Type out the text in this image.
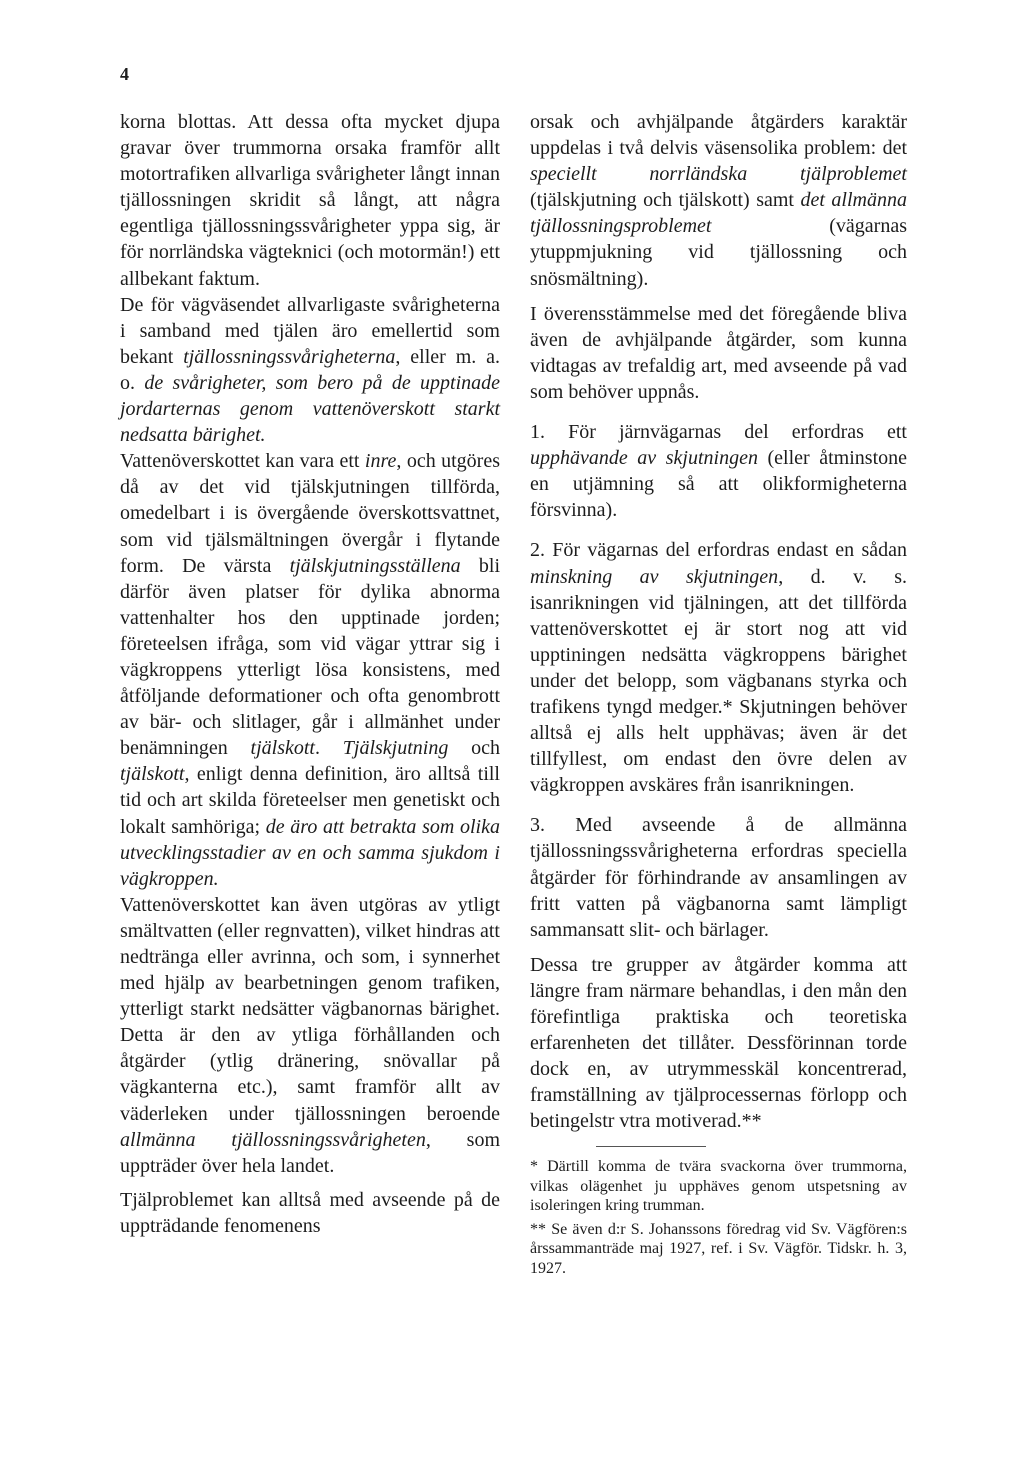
4

korna blottas. Att dessa ofta mycket djupa gravar över trummorna orsaka framför allt motortrafiken allvarliga svårigheter långt innan tjällossningen skridit så långt, att några egentliga tjällossningssvårigheter yppa sig, är för norrländska vägteknici (och motormän!) ett allbekant faktum.

De för vägväsendet allvarligaste svårigheterna i samband med tjälen äro emellertid som bekant tjällossningssvårigheterna, eller m. a. o. de svårigheter, som bero på de upptinade jordarternas genom vattenöverskott starkt nedsatta bärighet.

Vattenöverskottet kan vara ett inre, och utgöres då av det vid tjälskjutningen tillförda, omedelbart i is övergående överskottsvattnet, som vid tjälsmältningen övergår i flytande form. De värsta tjälskjutningsställena bli därför även platser för dylika abnorma vattenhalter hos den upptinade jorden; företeelsen ifråga, som vid vägar yttrar sig i vägkroppens ytterligt lösa konsistens, med åtföljande deformationer och ofta genombrott av bär- och slitlager, går i allmänhet under benämningen tjälskott. Tjälskjutning och tjälskott, enligt denna definition, äro alltså till tid och art skilda företeelser men genetiskt och lokalt samhöriga; de äro att betrakta som olika utvecklingsstadier av en och samma sjukdom i vägkroppen.

Vattenöverskottet kan även utgöras av ytligt smältvatten (eller regnvatten), vilket hindras att nedtränga eller avrinna, och som, i synnerhet med hjälp av bearbetningen genom trafiken, ytterligt starkt nedsätter vägbanornas bärighet. Detta är den av ytliga förhållanden och åtgärder (ytlig dränering, snövallar på vägkanterna etc.), samt framför allt av väderleken under tjällossningen beroende allmänna tjällossningssvårigheten, som uppträder över hela landet.

Tjälproblemet kan alltså med avseende på de uppträdande fenomenens

orsak och avhjälpande åtgärders karaktär uppdelas i två delvis väsensolika problem: det speciellt norrländska tjälproblemet (tjälskjutning och tjälskott) samt det allmänna tjällossningsproblemet (vägarnas ytuppmjukning vid tjällossning och snösmältning).

I överensstämmelse med det föregående bliva även de avhjälpande åtgärder, som kunna vidtagas av trefaldig art, med avseende på vad som behöver uppnås.

1. För järnvägarnas del erfordras ett upphävande av skjutningen (eller åtminstone en utjämning så att olikformigheterna försvinna).

2. För vägarnas del erfordras endast en sådan minskning av skjutningen, d. v. s. isanrikningen vid tjälningen, att det tillförda vattenöverskottet ej är stort nog att vid upptiningen nedsätta vägkroppens bärighet under det belopp, som vägbanans styrka och trafikens tyngd medger.* Skjutningen behöver alltså ej alls helt upphävas; även är det tillfyllest, om endast den övre delen av vägkroppen avskäres från isanrikningen.

3. Med avseende å de allmänna tjällossningssvårigheterna erfordras speciella åtgärder för förhindrande av ansamlingen av fritt vatten på vägbanorna samt lämpligt sammansatt slit- och bärlager.

Dessa tre grupper av åtgärder komma att längre fram närmare behandlas, i den mån den förefintliga praktiska och teoretiska erfarenheten det tillåter. Dessförinnan torde dock en, av utrymmesskäl koncentrerad, framställning av tjälprocessernas förlopp och betingelstr vtra motiverad.**

* Därtill komma de tvära svackorna över trummorna, vilkas olägenhet ju upphäves genom utspetsning av isoleringen kring trumman.

** Se även d:r S. Johanssons föredrag vid Sv. Vägfören:s årssammanträde maj 1927, ref. i Sv. Vägför. Tidskr. h. 3, 1927.
